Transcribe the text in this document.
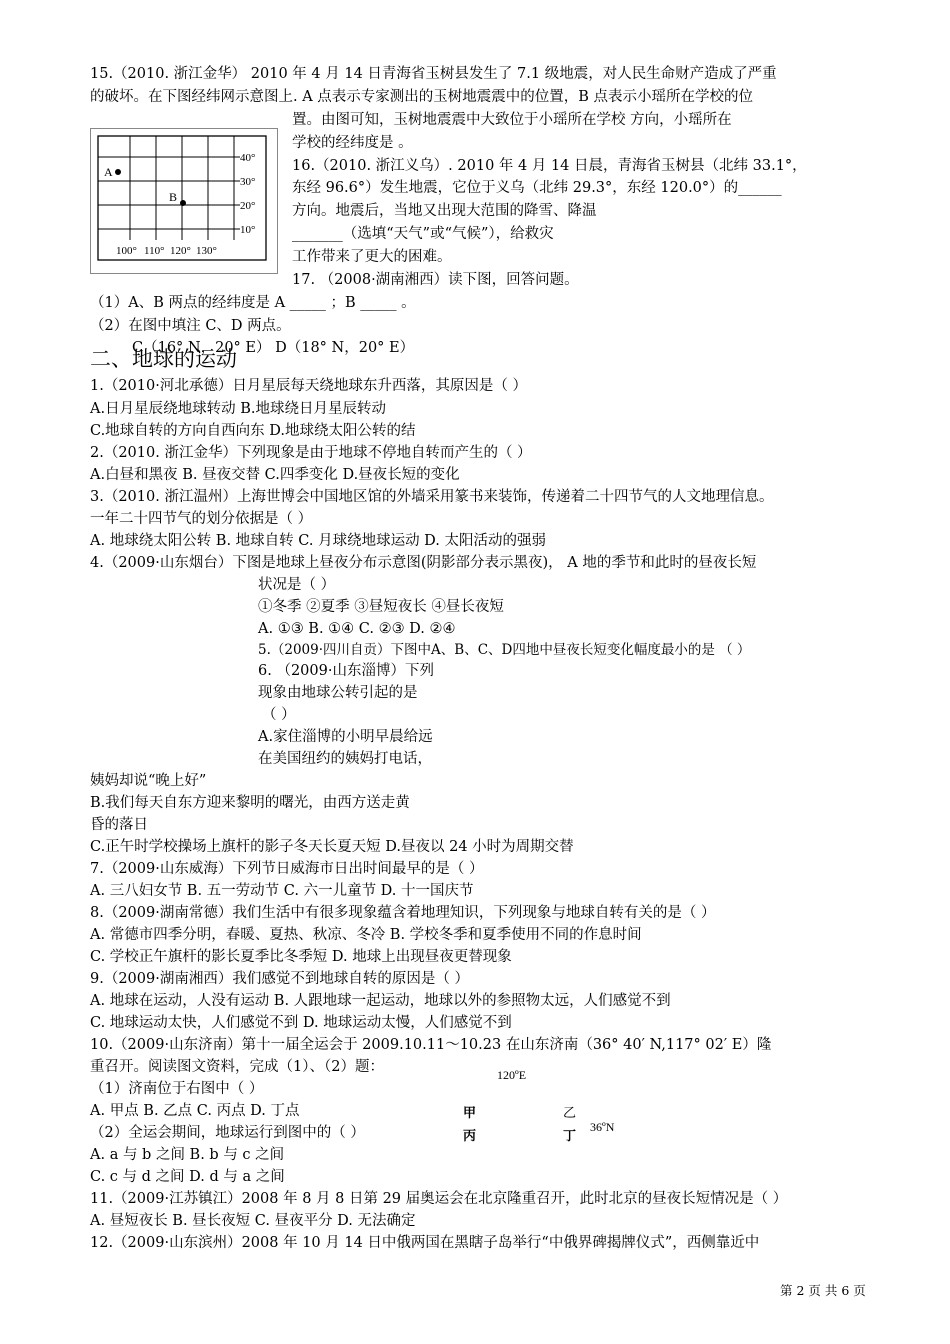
15.（2010. 浙江金华） 2010 年 4 月 14 日青海省玉树县发生了 7.1 级地震，对人民生命财产造成了严重
的破坏。在下图经纬网示意图上. A 点表示专家测出的玉树地震震中的位置，B 点表示小瑶所在学校的位
置。由图可知，玉树地震震中大致位于小瑶所在学校 方向，小瑶所在
学校的经纬度是 。
16.（2010. 浙江义乌）. 2010 年 4 月 14 日晨，青海省玉树县（北纬 33.1°，
东经 96.6°）发生地震，它位于义乌（北纬 29.3°，东经 120.0°）的______
方向。地震后，当地又出现大范围的降雪、降温
_______（选填“天气”或“气候”），给救灾
工作带来了更大的困难。
17. （2008·湖南湘西）读下图，回答问题。
（1）A、B 两点的经纬度是 A _____ ；B _____ 。
（2）在图中填注 C、D 两点。
C（16° N，20° E） D（18° N，20° E）
A
B
40°
30°
20°
10°
100° 110° 120° 130°
二、地球的运动
1.（2010·河北承德）日月星辰每天绕地球东升西落，其原因是（ ）
A.日月星辰绕地球转动 B.地球绕日月星辰转动
C.地球自转的方向自西向东 D.地球绕太阳公转的结
2.（2010. 浙江金华）下列现象是由于地球不停地自转而产生的（ ）
A.白昼和黑夜 B. 昼夜交替 C.四季变化 D.昼夜长短的变化
3.（2010. 浙江温州）上海世博会中国地区馆的外墙采用篆书来装饰，传递着二十四节气的人文地理信息。
一年二十四节气的划分依据是（ ）
A. 地球绕太阳公转 B. 地球自转 C. 月球绕地球运动 D. 太阳活动的强弱
4.（2009·山东烟台）下图是地球上昼夜分布示意图(阴影部分表示黑夜)， A 地的季节和此时的昼夜长短
状况是（ ）
①冬季 ②夏季 ③昼短夜长 ④昼长夜短
A. ①③ B. ①④ C. ②③ D. ②④
5.（2009·四川自贡）下图中A、B、C、D四地中昼夜长短变化幅度最小的是 （ ）
6. （2009·山东淄博）下列
现象由地球公转引起的是
（ ）
A.家住淄博的小明早晨给远
在美国纽约的姨妈打电话，
姨妈却说“晚上好”
B.我们每天自东方迎来黎明的曙光，由西方送走黄
昏的落日
C.正午时学校操场上旗杆的影子冬天长夏天短 D.昼夜以 24 小时为周期交替
7.（2009·山东威海）下列节日威海市日出时间最早的是（ ）
A. 三八妇女节 B. 五一劳动节 C. 六一儿童节 D. 十一国庆节
8.（2009·湖南常德）我们生活中有很多现象蕴含着地理知识，下列现象与地球自转有关的是（ ）
A. 常德市四季分明，春暖、夏热、秋凉、冬冷 B. 学校冬季和夏季使用不同的作息时间
C. 学校正午旗杆的影长夏季比冬季短 D. 地球上出现昼夜更替现象
9.（2009·湖南湘西）我们感觉不到地球自转的原因是（ ）
A. 地球在运动，人没有运动 B. 人跟地球一起运动，地球以外的参照物太远，人们感觉不到
C. 地球运动太快，人们感觉不到 D. 地球运动太慢，人们感觉不到
10.（2009·山东济南）第十一届全运会于 2009.10.11～10.23 在山东济南（36° 40′ N,117° 02′ E）隆
重召开。阅读图文资料，完成（1）、（2）题：
（1）济南位于右图中（ ）
A. 甲点 B. 乙点 C. 丙点 D. 丁点
（2）全运会期间，地球运行到图中的（ ）
A. a 与 b 之间 B. b 与 c 之间
C. c 与 d 之间 D. d 与 a 之间
120ºE
甲	乙
丙	丁
36ºN
11.（2009·江苏镇江）2008 年 8 月 8 日第 29 届奥运会在北京隆重召开，此时北京的昼夜长短情况是（ ）
A. 昼短夜长 B. 昼长夜短 C. 昼夜平分 D. 无法确定
12.（2009·山东滨州）2008 年 10 月 14 日中俄两国在黑瞎子岛举行“中俄界碑揭牌仪式”，西侧靠近中
第 2 页 共 6 页
